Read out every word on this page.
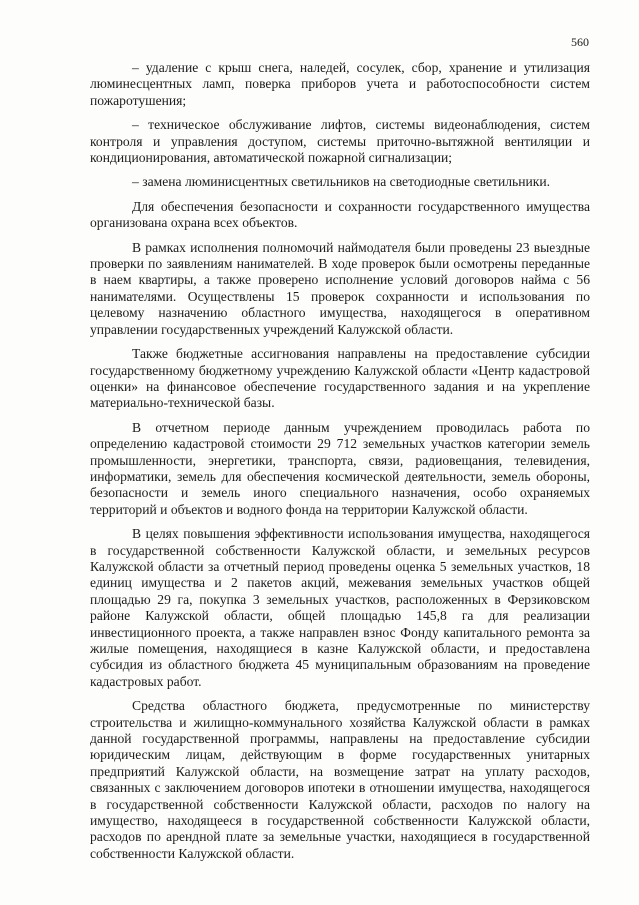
560

– удаление с крыш снега, наледей, сосулек, сбор, хранение и утилизация люминесцентных ламп, поверка приборов учета и работоспособности систем пожаротушения;

– техническое обслуживание лифтов, системы видеонаблюдения, систем контроля и управления доступом, системы приточно-вытяжной вентиляции и кондиционирования, автоматической пожарной сигнализации;

– замена люминисцентных светильников на светодиодные светильники.

Для обеспечения безопасности и сохранности государственного имущества организована охрана всех объектов.

В рамках исполнения полномочий наймодателя были проведены 23 выездные проверки по заявлениям нанимателей. В ходе проверок были осмотрены переданные в наем квартиры, а также проверено исполнение условий договоров найма с 56 нанимателями. Осуществлены 15 проверок сохранности и использования по целевому назначению областного имущества, находящегося в оперативном управлении государственных учреждений Калужской области.

Также бюджетные ассигнования направлены на предоставление субсидии государственному бюджетному учреждению Калужской области «Центр кадастровой оценки» на финансовое обеспечение государственного задания и на укрепление материально-технической базы.

В отчетном периоде данным учреждением проводилась работа по определению кадастровой стоимости 29 712 земельных участков категории земель промышленности, энергетики, транспорта, связи, радиовещания, телевидения, информатики, земель для обеспечения космической деятельности, земель обороны, безопасности и земель иного специального назначения, особо охраняемых территорий и объектов и водного фонда на территории Калужской области.

В целях повышения эффективности использования имущества, находящегося в государственной собственности Калужской области, и земельных ресурсов Калужской области за отчетный период проведены оценка 5 земельных участков, 18 единиц имущества и 2 пакетов акций, межевания земельных участков общей площадью 29 га, покупка 3 земельных участков, расположенных в Ферзиковском районе Калужской области, общей площадью 145,8 га для реализации инвестиционного проекта, а также направлен взнос Фонду капитального ремонта за жилые помещения, находящиеся в казне Калужской области, и предоставлена субсидия из областного бюджета 45 муниципальным образованиям на проведение кадастровых работ.

Средства областного бюджета, предусмотренные по министерству строительства и жилищно-коммунального хозяйства Калужской области в рамках данной государственной программы, направлены на предоставление субсидии юридическим лицам, действующим в форме государственных унитарных предприятий Калужской области, на возмещение затрат на уплату расходов, связанных с заключением договоров ипотеки в отношении имущества, находящегося в государственной собственности Калужской области, расходов по налогу на имущество, находящееся в государственной собственности Калужской области, расходов по арендной плате за земельные участки, находящиеся в государственной собственности Калужской области.
